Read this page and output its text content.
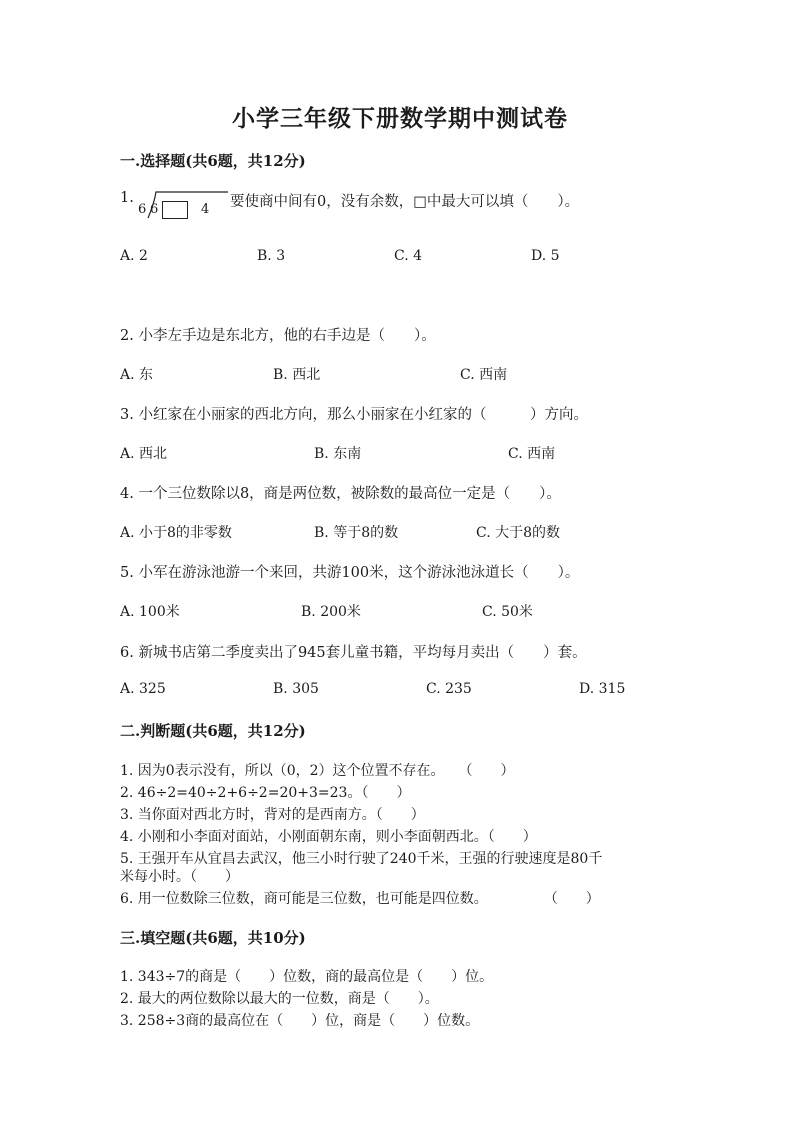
小学三年级下册数学期中测试卷
一.选择题(共6题，共12分)
1.
6 6	4 要使商中间有0，没有余数，□中最大可以填（　　）。
A. 2	B. 3	C. 4	D. 5
2. 小李左手边是东北方，他的右手边是（　　）。
A. 东	B. 西北	C. 西南
3. 小红家在小丽家的西北方向，那么小丽家在小红家的（　　　）方向。
A. 西北	B. 东南	C. 西南
4. 一个三位数除以8，商是两位数，被除数的最高位一定是（　　）。
A. 小于8的非零数	B. 等于8的数	C. 大于8的数
5. 小军在游泳池游一个来回，共游100米，这个游泳池泳道长（　　）。
A. 100米	B. 200米	C. 50米
6. 新城书店第二季度卖出了945套儿童书籍，平均每月卖出（　　）套。
A. 325	B. 305	C. 235	D. 315
二.判断题(共6题，共12分)
1. 因为0表示没有，所以（0，2）这个位置不存在。　　（　　）
2. 46÷2=40÷2+6÷2=20+3=23。（　　）
3. 当你面对西北方时，背对的是西南方。（　　）
4. 小刚和小李面对面站，小刚面朝东南，则小李面朝西北。（　　）
5. 王强开车从宜昌去武汉，他三小时行驶了240千米，王强的行驶速度是80千
米每小时。（　　）
6. 用一位数除三位数，商可能是三位数，也可能是四位数。　　　　　（　　）
三.填空题(共6题，共10分)
1. 343÷7的商是（　　）位数，商的最高位是（　　）位。
2. 最大的两位数除以最大的一位数，商是（　　）。
3. 258÷3商的最高位在（　　）位，商是（　　）位数。
